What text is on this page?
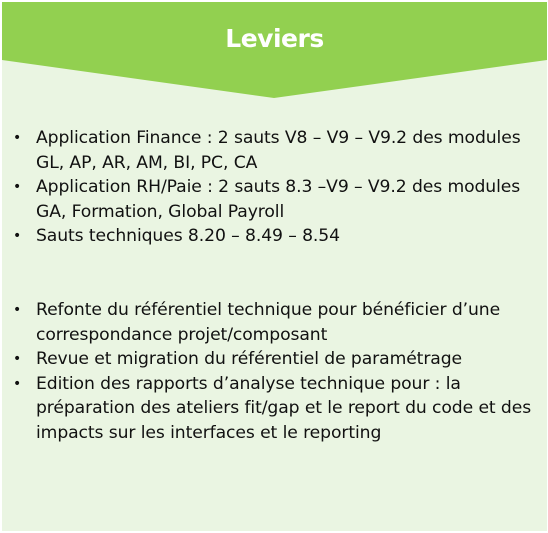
Leviers
• Application Finance : 2 sauts V8 – V9 – V9.2 des modules GL, AP, AR, AM, BI, PC, CA
• Application RH/Paie : 2 sauts 8.3 –V9 – V9.2 des modules GA, Formation, Global Payroll
• Sauts techniques 8.20 – 8.49 – 8.54
• Refonte du référentiel technique pour bénéficier d’une correspondance projet/composant
• Revue et migration du référentiel de paramétrage
• Edition des rapports d’analyse technique pour : la préparation des ateliers fit/gap et le report du code et des impacts sur les interfaces et le reporting
